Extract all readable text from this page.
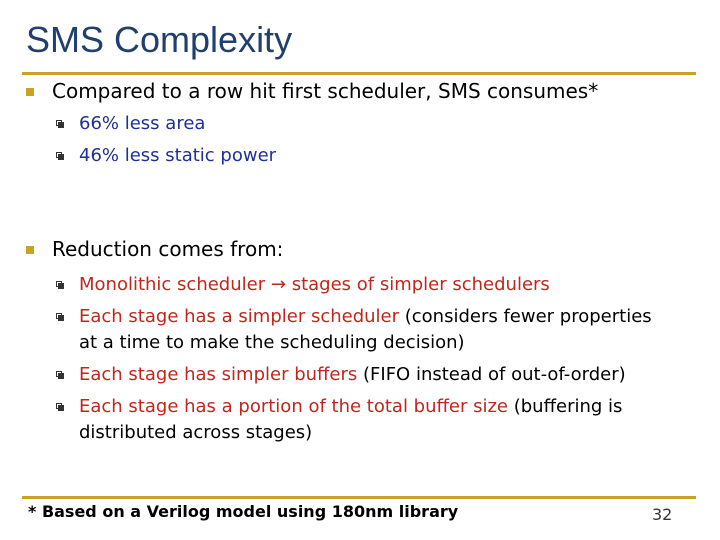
SMS Complexity
Compared to a row hit first scheduler, SMS consumes*
66% less area
46% less static power
Reduction comes from:
Monolithic scheduler → stages of simpler schedulers
Each stage has a simpler scheduler (considers fewer properties
at a time to make the scheduling decision)
Each stage has simpler buffers (FIFO instead of out-of-order)
Each stage has a portion of the total buffer size (buffering is
distributed across stages)
* Based on a Verilog model using 180nm library	32
